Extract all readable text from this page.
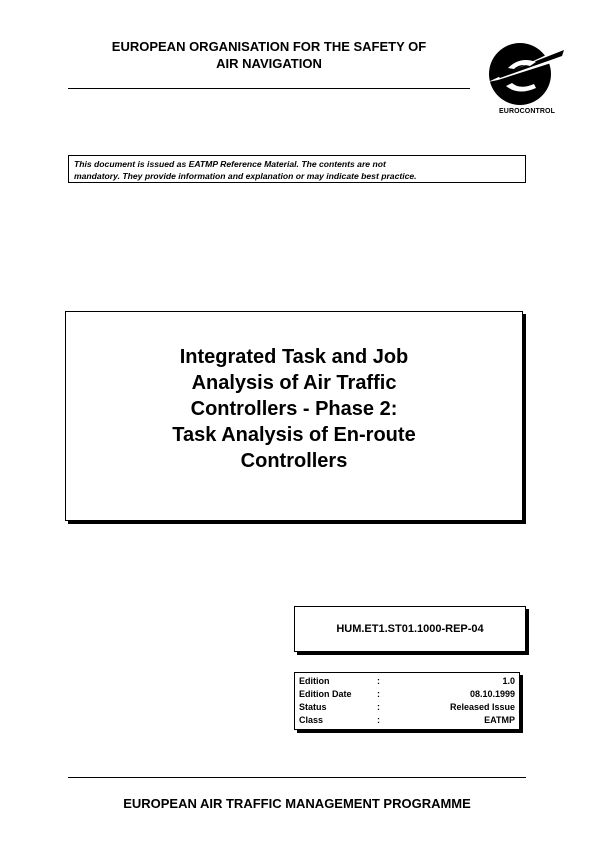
EUROPEAN ORGANISATION FOR THE SAFETY OF
AIR NAVIGATION
EUROCONTROL
This document is issued as EATMP Reference Material. The contents are not
mandatory. They provide information and explanation or may indicate best practice.
Integrated Task and Job
Analysis of Air Traffic
Controllers - Phase 2:
Task Analysis of En-route
Controllers
HUM.ET1.ST01.1000-REP-04
Edition	:	1.0
Edition Date	:	08.10.1999
Status	:	Released Issue
Class	:	EATMP
EUROPEAN AIR TRAFFIC MANAGEMENT PROGRAMME
